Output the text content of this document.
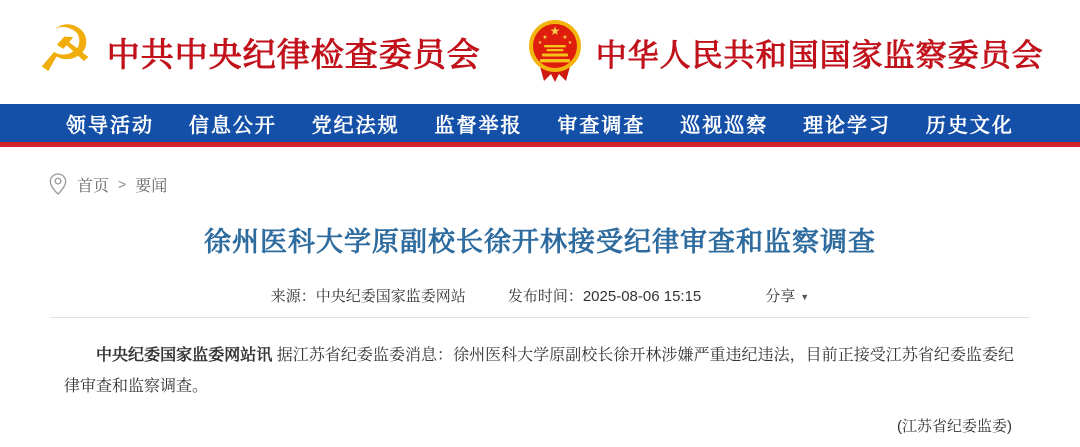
☭ 中共中央纪律检查委员会
★
★ ★
★	★ 中华人民共和国国家监察委员会
领导活动 信息公开 党纪法规 监督举报 审查调查 巡视巡察 理论学习 历史文化
首页 > 要闻
徐州医科大学原副校长徐开林接受纪律审查和监察调查
来源：中央纪委国家监委网站	发布时间：2025-08-06 15:15	分享 ▼

中央纪委国家监委网站讯 据江苏省纪委监委消息：徐州医科大学原副校长徐开林涉嫌严重违纪违法，目前正接受江苏省纪委监委纪律审查和监察调查。

(江苏省纪委监委)
